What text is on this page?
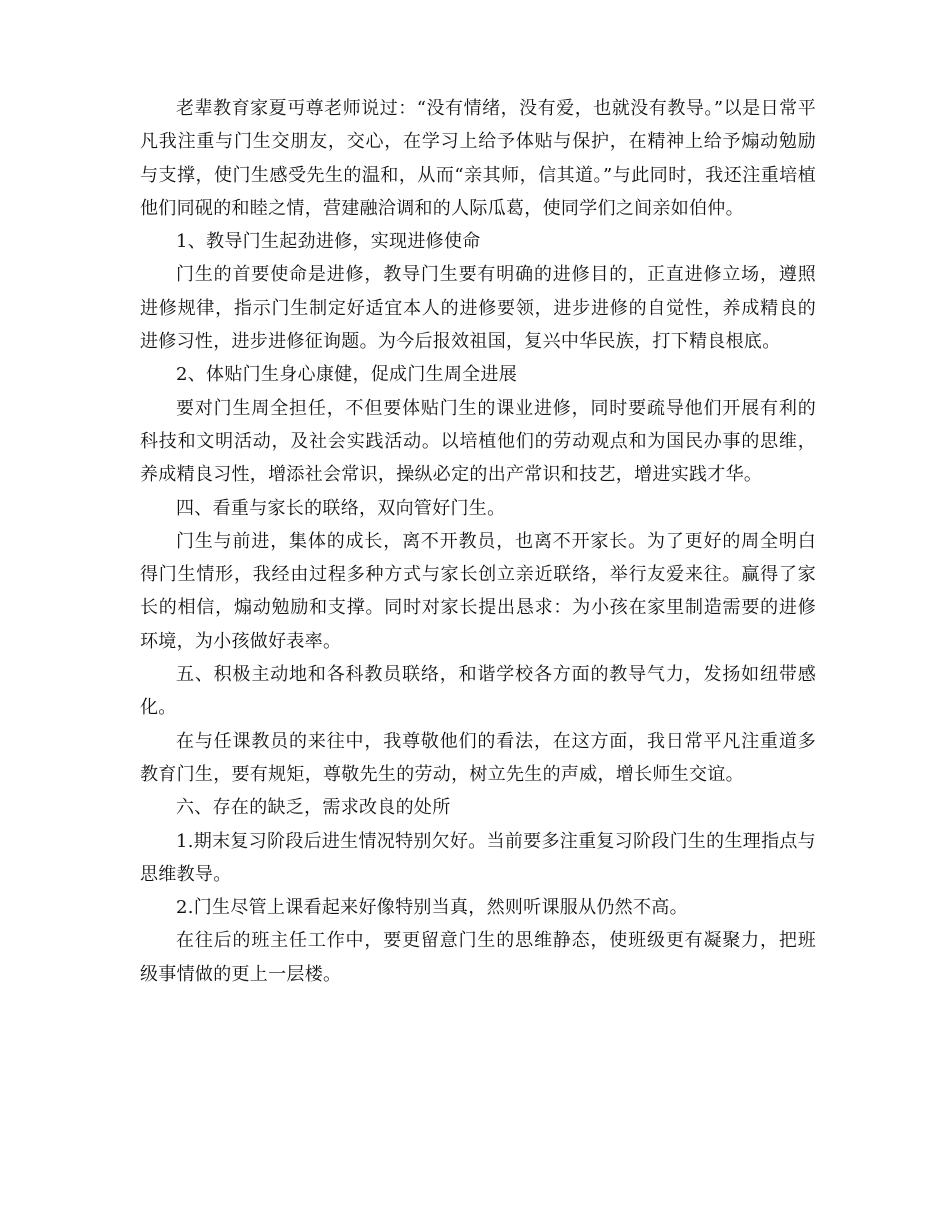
老辈教育家夏丏尊老师说过：“没有情绪，没有爱，也就没有教导。”以是日常平凡我注重与门生交朋友，交心，在学习上给予体贴与保护，在精神上给予煽动勉励与支撑，使门生感受先生的温和，从而“亲其师，信其道。”与此同时，我还注重培植他们同砚的和睦之情，营建融洽调和的人际瓜葛，使同学们之间亲如伯仲。

1、教导门生起劲进修，实现进修使命

门生的首要使命是进修，教导门生要有明确的进修目的，正直进修立场，遵照进修规律，指示门生制定好适宜本人的进修要领，进步进修的自觉性，养成精良的进修习性，进步进修征询题。为今后报效祖国，复兴中华民族，打下精良根底。

2、体贴门生身心康健，促成门生周全进展

要对门生周全担任，不但要体贴门生的课业进修，同时要疏导他们开展有利的科技和文明活动，及社会实践活动。以培植他们的劳动观点和为国民办事的思维，养成精良习性，增添社会常识，操纵必定的出产常识和技艺，增进实践才华。

四、看重与家长的联络，双向管好门生。

门生与前进，集体的成长，离不开教员，也离不开家长。为了更好的周全明白得门生情形，我经由过程多种方式与家长创立亲近联络，举行友爱来往。赢得了家长的相信，煽动勉励和支撑。同时对家长提出恳求：为小孩在家里制造需要的进修环境，为小孩做好表率。

五、积极主动地和各科教员联络，和谐学校各方面的教导气力，发扬如纽带感化。

在与任课教员的来往中，我尊敬他们的看法，在这方面，我日常平凡注重道多教育门生，要有规矩，尊敬先生的劳动，树立先生的声威，增长师生交谊。

六、存在的缺乏，需求改良的处所

1.期末复习阶段后进生情况特别欠好。当前要多注重复习阶段门生的生理指点与思维教导。

2.门生尽管上课看起来好像特别当真，然则听课服从仍然不高。

在往后的班主任工作中，要更留意门生的思维静态，使班级更有凝聚力，把班级事情做的更上一层楼。
